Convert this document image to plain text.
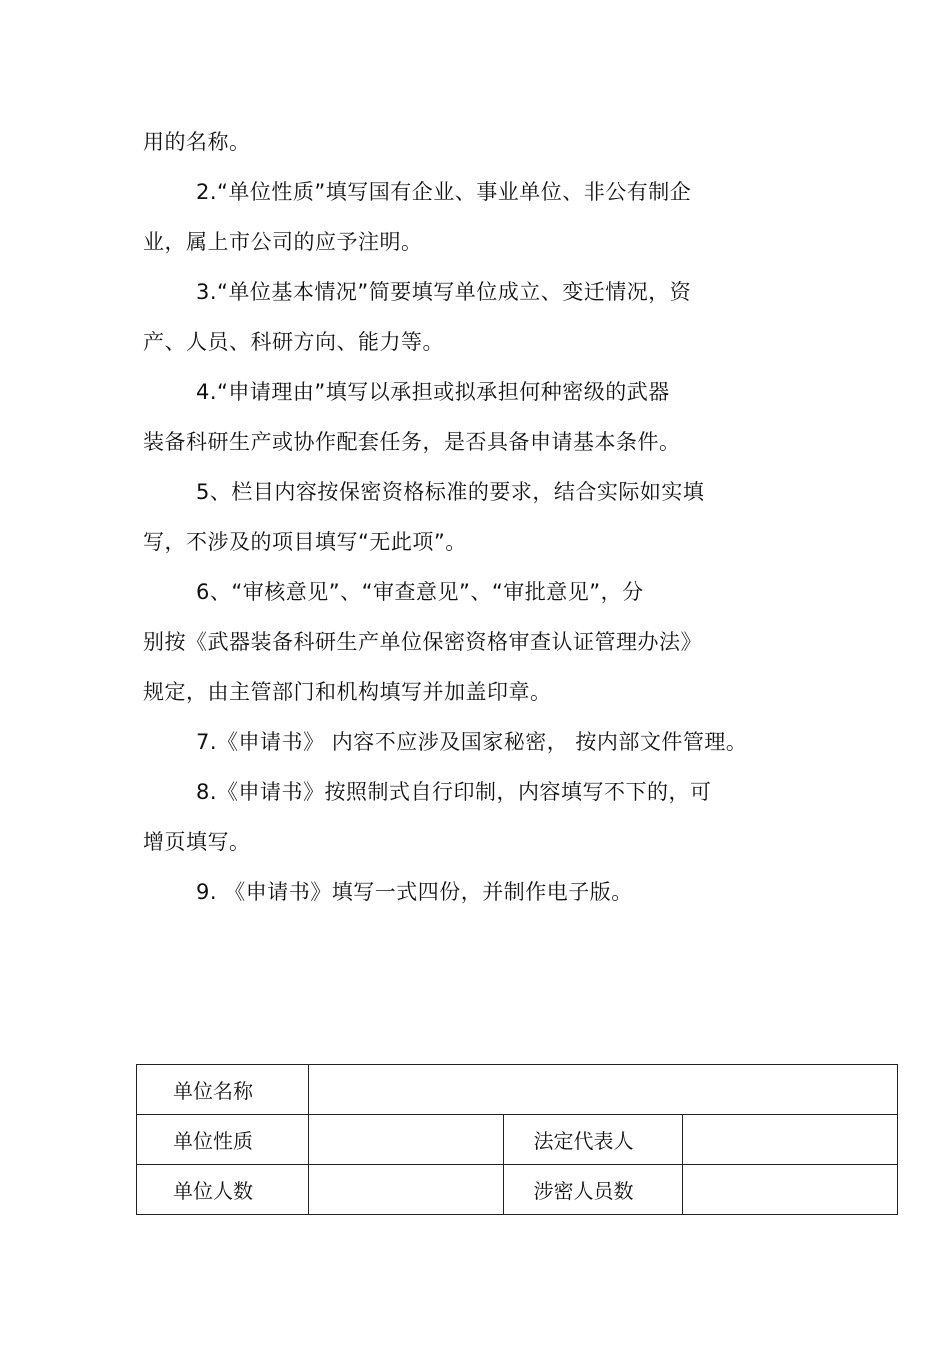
用的名称。
2.“单位性质”填写国有企业、事业单位、非公有制企
业，属上市公司的应予注明。
3.“单位基本情况”简要填写单位成立、变迁情况，资
产、人员、科研方向、能力等。
4.“申请理由”填写以承担或拟承担何种密级的武器
装备科研生产或协作配套任务，是否具备申请基本条件。
5、栏目内容按保密资格标准的要求，结合实际如实填
写，不涉及的项目填写“无此项”。
6、“审核意见”、“审查意见”、“审批意见”，分
别按《武器装备科研生产单位保密资格审查认证管理办法》
规定，由主管部门和机构填写并加盖印章。
7.《申请书》 内容不应涉及国家秘密， 按内部文件管理。
8.《申请书》按照制式自行印制，内容填写不下的，可
增页填写。
9. 《申请书》填写一式四份，并制作电子版。
单位名称			
单位性质		法定代表人	
单位人数		涉密人员数	
